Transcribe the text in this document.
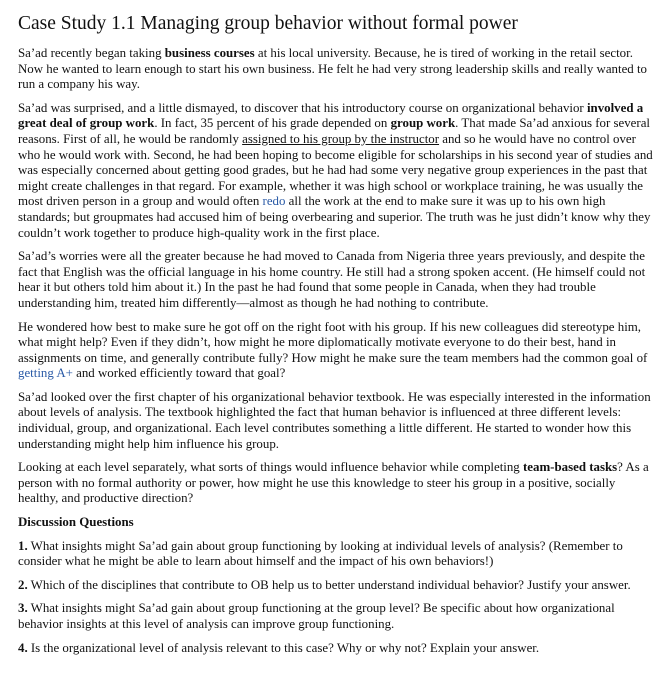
Case Study 1.1 Managing group behavior without formal power

Sa’ad recently began taking business courses at his local university. Because, he is tired of working in the retail sector. Now he wanted to learn enough to start his own business. He felt he had very strong leadership skills and really wanted to run a company his way.

Sa’ad was surprised, and a little dismayed, to discover that his introductory course on organizational behavior involved a great deal of group work. In fact, 35 percent of his grade depended on group work. That made Sa’ad anxious for several reasons. First of all, he would be randomly assigned to his group by the instructor and so he would have no control over who he would work with. Second, he had been hoping to become eligible for scholarships in his second year of studies and was especially concerned about getting good grades, but he had had some very negative group experiences in the past that might create challenges in that regard. For example, whether it was high school or workplace training, he was usually the most driven person in a group and would often redo all the work at the end to make sure it was up to his own high standards; but groupmates had accused him of being overbearing and superior. The truth was he just didn’t know why they couldn’t work together to produce high-quality work in the first place.

Sa’ad’s worries were all the greater because he had moved to Canada from Nigeria three years previously, and despite the fact that English was the official language in his home country. He still had a strong spoken accent. (He himself could not hear it but others told him about it.) In the past he had found that some people in Canada, when they had trouble understanding him, treated him differently—almost as though he had nothing to contribute.

He wondered how best to make sure he got off on the right foot with his group. If his new colleagues did stereotype him, what might help? Even if they didn’t, how might he more diplomatically motivate everyone to do their best, hand in assignments on time, and generally contribute fully? How might he make sure the team members had the common goal of getting A+ and worked efficiently toward that goal?

Sa’ad looked over the first chapter of his organizational behavior textbook. He was especially interested in the information about levels of analysis. The textbook highlighted the fact that human behavior is influenced at three different levels: individual, group, and organizational. Each level contributes something a little different. He started to wonder how this understanding might help him influence his group.

Looking at each level separately, what sorts of things would influence behavior while completing team-based tasks? As a person with no formal authority or power, how might he use this knowledge to steer his group in a positive, socially healthy, and productive direction?

Discussion Questions

1. What insights might Sa’ad gain about group functioning by looking at individual levels of analysis? (Remember to consider what he might be able to learn about himself and the impact of his own behaviors!)

2. Which of the disciplines that contribute to OB help us to better understand individual behavior? Justify your answer.

3. What insights might Sa’ad gain about group functioning at the group level? Be specific about how organizational behavior insights at this level of analysis can improve group functioning.

4. Is the organizational level of analysis relevant to this case? Why or why not? Explain your answer.
